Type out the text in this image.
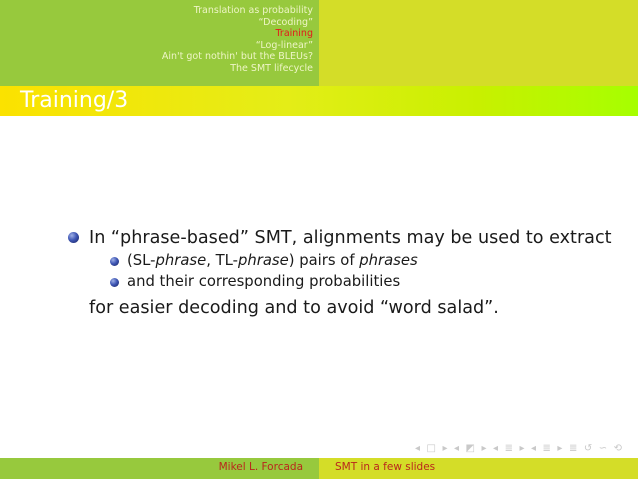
Translation as probability
“Decoding”
Training
“Log-linear”
Ain't got nothin' but the BLEUs?
The SMT lifecycle
Training/3
In “phrase-based” SMT, alignments may be used to extract
(SL-phrase, TL-phrase) pairs of phrases
and their corresponding probabilities
for easier decoding and to avoid “word salad”.
◂ □ ▸ ◂ ◩ ▸ ◂ ≣ ▸ ◂ ≣ ▸ ≣ ↺ ∽ ⟲
Mikel L. Forcada	SMT in a few slides
